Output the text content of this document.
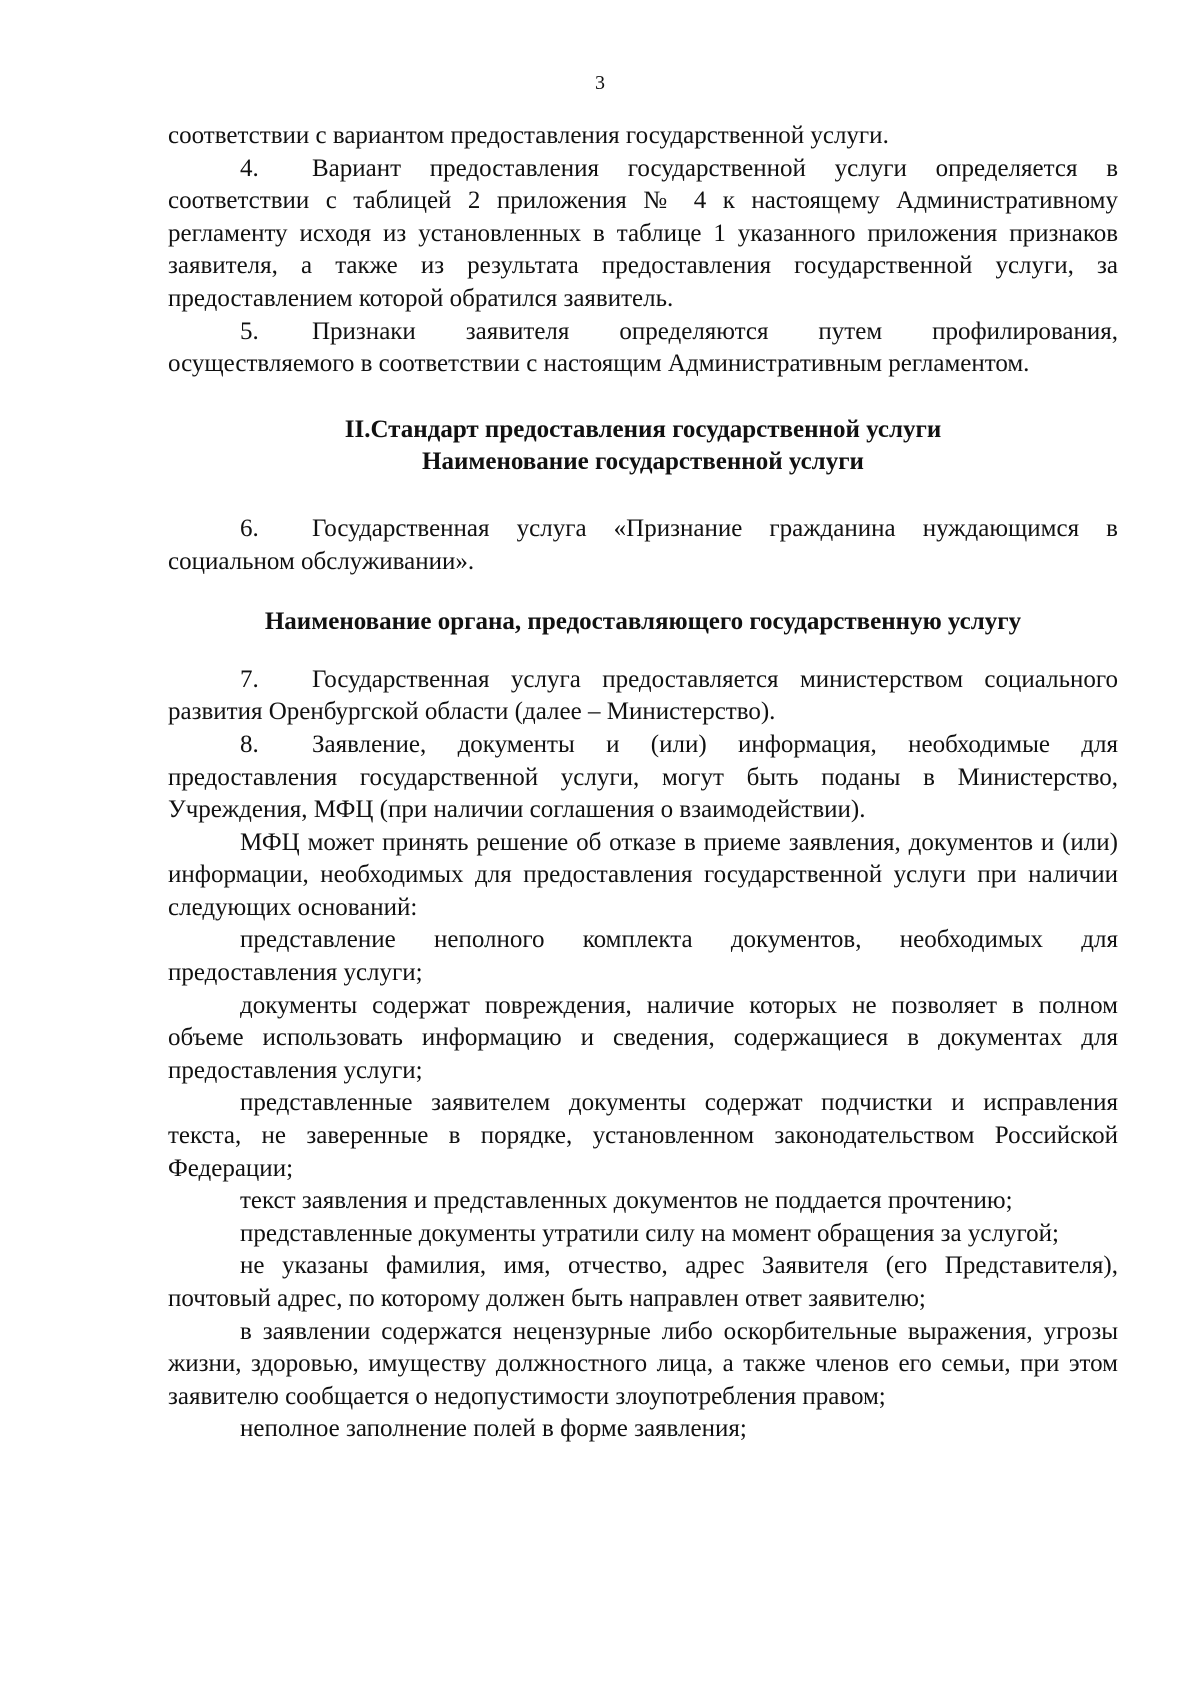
3

соответствии с вариантом предоставления государственной услуги.

4. Вариант предоставления государственной услуги определяется в соответствии с таблицей 2 приложения № 4 к настоящему Административному регламенту исходя из установленных в таблице 1 указанного приложения признаков заявителя, а также из результата предоставления государственной услуги, за предоставлением которой обратился заявитель.

5. Признаки заявителя определяются путем профилирования, осуществляемого в соответствии с настоящим Административным регламентом.

II.Стандарт предоставления государственной услуги

Наименование государственной услуги

6. Государственная услуга «Признание гражданина нуждающимся в социальном обслуживании».

Наименование органа, предоставляющего государственную услугу

7. Государственная услуга предоставляется министерством социального развития Оренбургской области (далее – Министерство).

8. Заявление, документы и (или) информация, необходимые для предоставления государственной услуги, могут быть поданы в Министерство, Учреждения, МФЦ (при наличии соглашения о взаимодействии).

МФЦ может принять решение об отказе в приеме заявления, документов и (или) информации, необходимых для предоставления государственной услуги при наличии следующих оснований:

представление неполного комплекта документов, необходимых для предоставления услуги;

документы содержат повреждения, наличие которых не позволяет в полном объеме использовать информацию и сведения, содержащиеся в документах для предоставления услуги;

представленные заявителем документы содержат подчистки и исправления текста, не заверенные в порядке, установленном законодательством Российской Федерации;

текст заявления и представленных документов не поддается прочтению;

представленные документы утратили силу на момент обращения за услугой;

не указаны фамилия, имя, отчество, адрес Заявителя (его Представителя), почтовый адрес, по которому должен быть направлен ответ заявителю;

в заявлении содержатся нецензурные либо оскорбительные выражения, угрозы жизни, здоровью, имуществу должностного лица, а также членов его семьи, при этом заявителю сообщается о недопустимости злоупотребления правом;

неполное заполнение полей в форме заявления;
